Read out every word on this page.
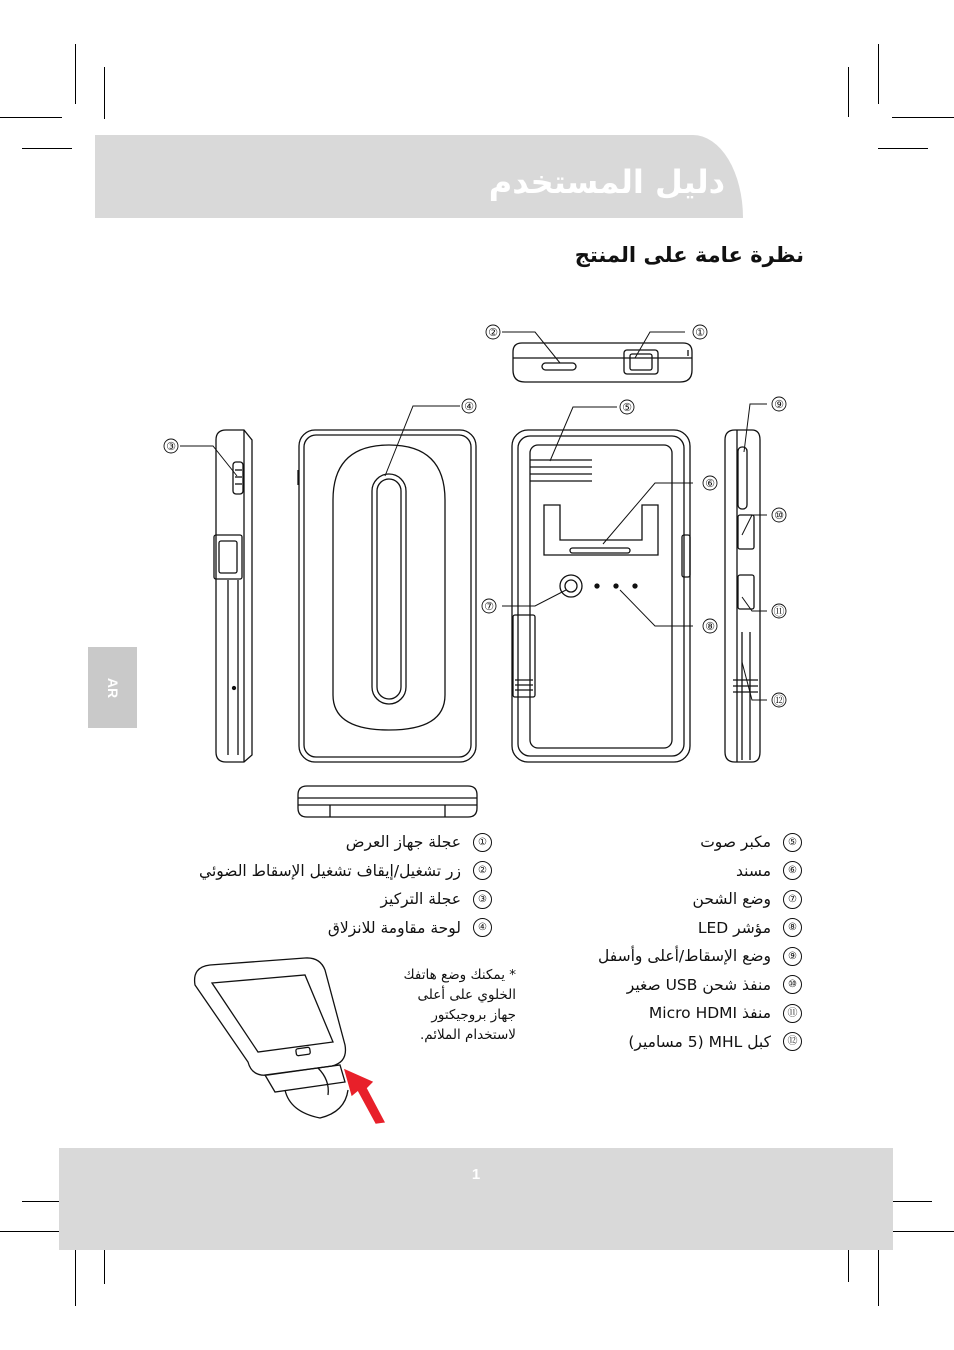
دليل المستخدم
نظرة عامة على المنتج
AR
①
②
③
④	⑤
⑥
⑦
⑧
⑨
⑩
⑪
⑫
①
عجلة جهاز العرض
②
زر تشغيل/إيقاف تشغيل الإسقاط الضوئي
③
عجلة التركيز
④
لوحة مقاومة للانزلاق
⑤
مكبر صوت
⑥
مسند
⑦
وضع الشحن
⑧
مؤشر LED
⑨
وضع الإسقاط/أعلى وأسفل
⑩
منفذ شحن USB صغير
⑪
منفذ Micro HDMI
⑫
كبل MHL (5 مسامير)
* يمكنك وضع هاتفك
الخلوي على أعلى
جهاز بروجيكتور
لاستخدام الملائم.
1
